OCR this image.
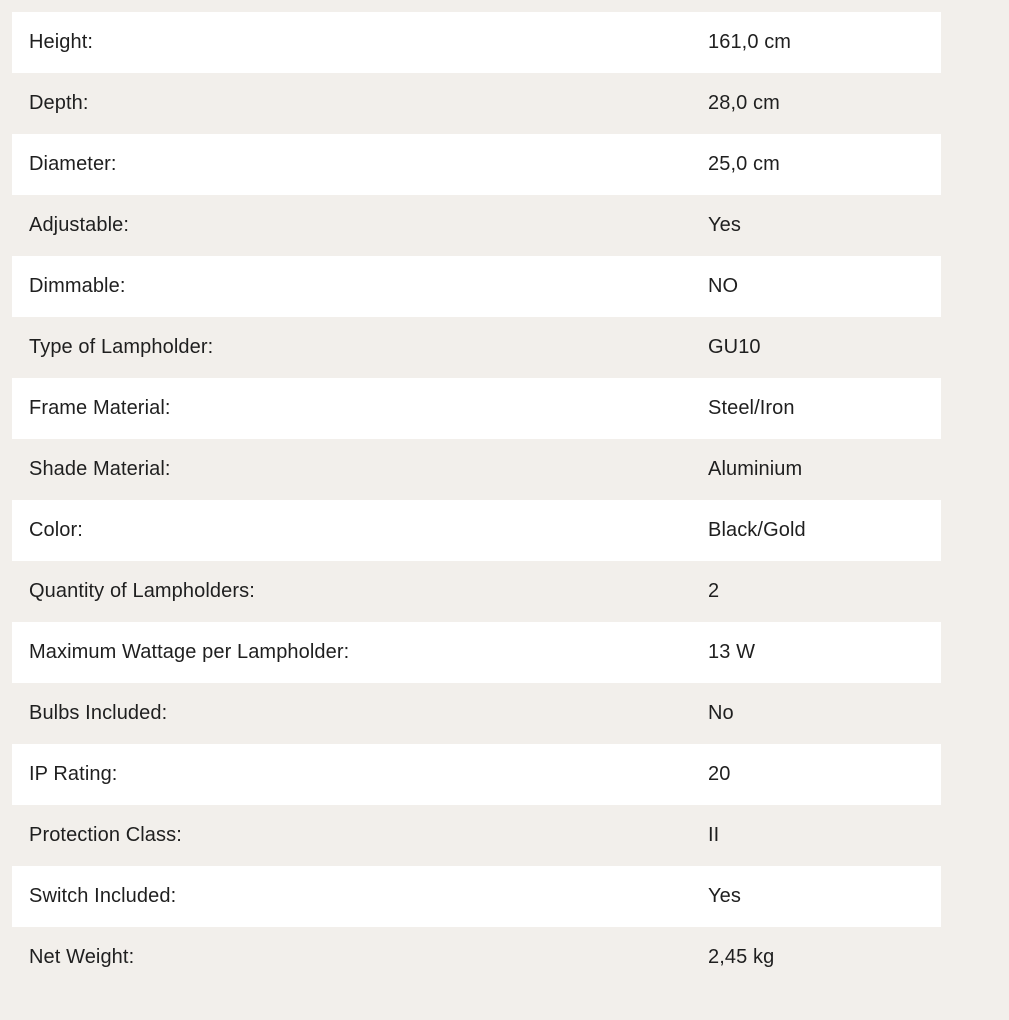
Height:	161,0 cm
Depth:	28,0 cm
Diameter:	25,0 cm
Adjustable:	Yes
Dimmable:	NO
Type of Lampholder:	GU10
Frame Material:	Steel/Iron
Shade Material:	Aluminium
Color:	Black/Gold
Quantity of Lampholders:	2
Maximum Wattage per Lampholder:	13 W
Bulbs Included:	No
IP Rating:	20
Protection Class:	II
Switch Included:	Yes
Net Weight:	2,45 kg
